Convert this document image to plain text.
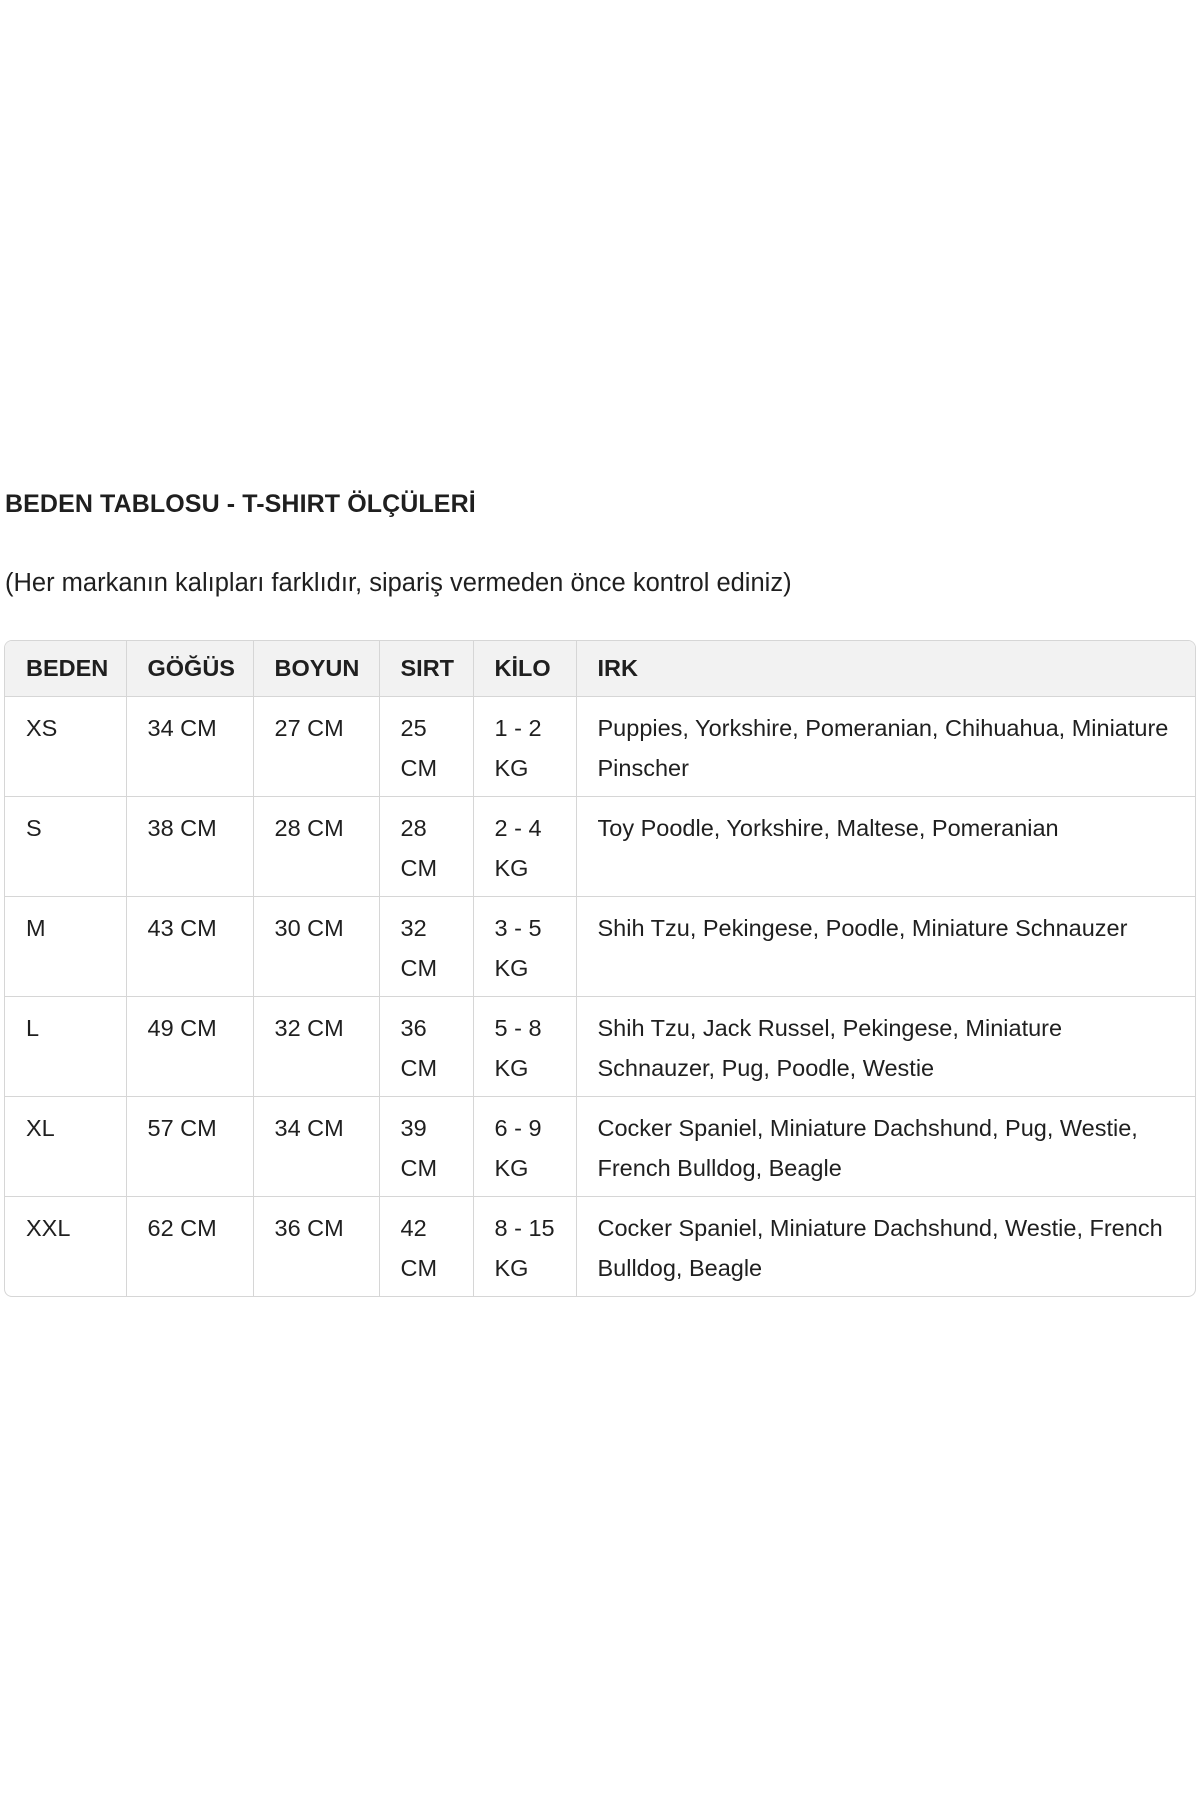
BEDEN TABLOSU - T-SHIRT ÖLÇÜLERİ

(Her markanın kalıpları farklıdır, sipariş vermeden önce kontrol ediniz)

BEDEN	GÖĞÜS	BOYUN	SIRT	KİLO	IRK
XS	34 CM	27 CM	25 CM	1 - 2 KG	Puppies, Yorkshire, Pomeranian, Chihuahua, Miniature Pinscher
S	38 CM	28 CM	28 CM	2 - 4 KG	Toy Poodle, Yorkshire, Maltese, Pomeranian
M	43 CM	30 CM	32 CM	3 - 5 KG	Shih Tzu, Pekingese, Poodle, Miniature Schnauzer
L	49 CM	32 CM	36 CM	5 - 8 KG	Shih Tzu, Jack Russel, Pekingese, Miniature Schnauzer, Pug, Poodle, Westie
XL	57 CM	34 CM	39 CM	6 - 9 KG	Cocker Spaniel, Miniature Dachshund, Pug, Westie, French Bulldog, Beagle
XXL	62 CM	36 CM	42 CM	8 - 15 KG	Cocker Spaniel, Miniature Dachshund, Westie, French Bulldog, Beagle
